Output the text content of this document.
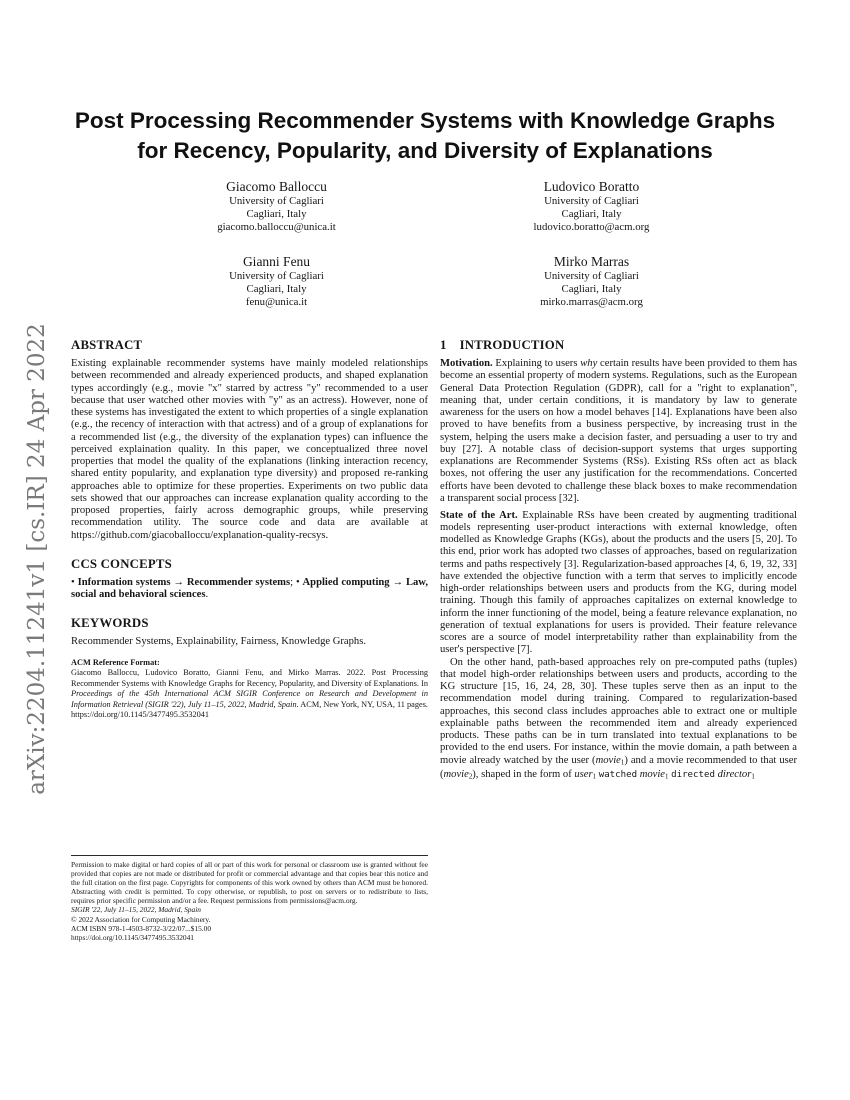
arXiv:2204.11241v1 [cs.IR] 24 Apr 2022
Post Processing Recommender Systems with Knowledge Graphs
for Recency, Popularity, and Diversity of Explanations
Giacomo Balloccu
University of Cagliari
Cagliari, Italy
giacomo.balloccu@unica.it
Ludovico Boratto
University of Cagliari
Cagliari, Italy
ludovico.boratto@acm.org
Gianni Fenu
University of Cagliari
Cagliari, Italy
fenu@unica.it
Mirko Marras
University of Cagliari
Cagliari, Italy
mirko.marras@acm.org
ABSTRACT

Existing explainable recommender systems have mainly modeled relationships between recommended and already experienced products, and shaped explanation types accordingly (e.g., movie "x" starred by actress "y" recommended to a user because that user watched other movies with "y" as an actress). However, none of these systems has investigated the extent to which properties of a single explanation (e.g., the recency of interaction with that actress) and of a group of explanations for a recommended list (e.g., the diversity of the explanation types) can influence the perceived explaination quality. In this paper, we conceptualized three novel properties that model the quality of the explanations (linking interaction recency, shared entity popularity, and explanation type diversity) and proposed re-ranking approaches able to optimize for these properties. Experiments on two public data sets showed that our approaches can increase explanation quality according to the proposed properties, fairly across demographic groups, while preserving recommendation utility. The source code and data are available at https://github.com/giacoballoccu/explanation-quality-recsys.

CCS CONCEPTS

• Information systems → Recommender systems; • Applied computing → Law, social and behavioral sciences.

KEYWORDS

Recommender Systems, Explainability, Fairness, Knowledge Graphs.

ACM Reference Format:

Giacomo Balloccu, Ludovico Boratto, Gianni Fenu, and Mirko Marras. 2022. Post Processing Recommender Systems with Knowledge Graphs for Recency, Popularity, and Diversity of Explanations. In Proceedings of the 45th International ACM SIGIR Conference on Research and Development in Information Retrieval (SIGIR '22), July 11–15, 2022, Madrid, Spain. ACM, New York, NY, USA, 11 pages. https://doi.org/10.1145/3477495.3532041

Permission to make digital or hard copies of all or part of this work for personal or classroom use is granted without fee provided that copies are not made or distributed for profit or commercial advantage and that copies bear this notice and the full citation on the first page. Copyrights for components of this work owned by others than ACM must be honored. Abstracting with credit is permitted. To copy otherwise, or republish, to post on servers or to redistribute to lists, requires prior specific permission and/or a fee. Request permissions from permissions@acm.org.

SIGIR '22, July 11–15, 2022, Madrid, Spain
© 2022 Association for Computing Machinery.
ACM ISBN 978-1-4503-8732-3/22/07...$15.00
https://doi.org/10.1145/3477495.3532041
1 INTRODUCTION

Motivation. Explaining to users why certain results have been provided to them has become an essential property of modern systems. Regulations, such as the European General Data Protection Regulation (GDPR), call for a "right to explanation", meaning that, under certain conditions, it is mandatory by law to generate awareness for the users on how a model behaves [14]. Explanations have been also proved to have benefits from a business perspective, by increasing trust in the system, helping the users make a decision faster, and persuading a user to try and buy [27]. A notable class of decision-support systems that urges supporting explanations are Recommender Systems (RSs). Existing RSs often act as black boxes, not offering the user any justification for the recommendations. Concerted efforts have been devoted to challenge these black boxes to make recommendation a transparent social process [32].

State of the Art. Explainable RSs have been created by augmenting traditional models representing user-product interactions with external knowledge, often modelled as Knowledge Graphs (KGs), about the products and the users [5, 20]. To this end, prior work has adopted two classes of approaches, based on regularization terms and paths respectively [3]. Regularization-based approaches [4, 6, 19, 32, 33] have extended the objective function with a term that serves to implicitly encode high-order relationships between users and products from the KG, during model training. Though this family of approaches capitalizes on external knowledge to inform the inner functioning of the model, being a feature relevance explanation, no generation of textual explanations for users is provided. Their feature relevance scores are a source of model interpretability rather than explainability from the user's perspective [7].

On the other hand, path-based approaches rely on pre-computed paths (tuples) that model high-order relationships between users and products, according to the KG structure [15, 16, 24, 28, 30]. These tuples serve then as an input to the recommendation model during training. Compared to regularization-based approaches, this second class includes approaches able to extract one or multiple explainable paths between the recommended item and already experienced products. These paths can be in turn translated into textual explanations to be provided to the end users. For instance, within the movie domain, a path between a movie already watched by the user (movie1) and a movie recommended to that user (movie2), shaped in the form of user1 watched movie1 directed director1
